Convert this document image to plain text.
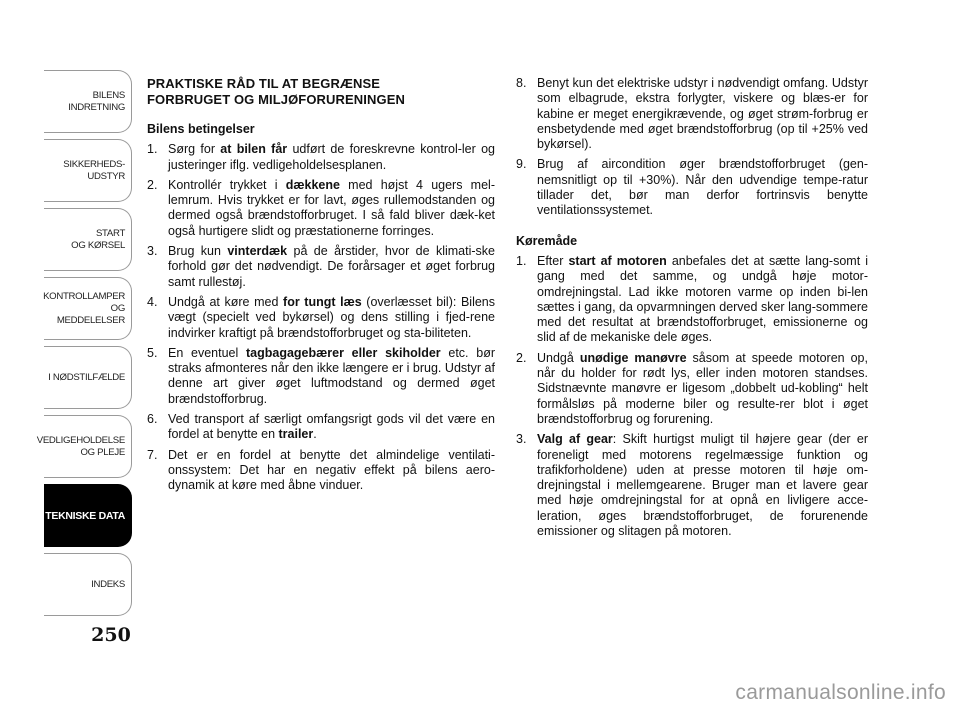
BILENS
INDRETNING
SIKKERHEDS-
UDSTYR
START
OG KØRSEL
KONTROLLAMPER
OG MEDDELELSER
I NØDSTILFÆLDE
VEDLIGEHOLDELSE
OG PLEJE
TEKNISKE DATA
INDEKS
250
PRAKTISKE RÅD TIL AT BEGRÆNSE
FORBRUGET OG MILJØFORURENINGEN
Bilens betingelser
1. Sørg for at bilen får udført de foreskrevne kontrol-ler og justeringer iflg. vedligeholdelsesplanen.
2. Kontrollér trykket i dækkene med højst 4 ugers mel-lemrum. Hvis trykket er for lavt, øges rullemodstanden og dermed også brændstofforbruget. I så fald bliver dæk-ket også hurtigere slidt og præstationerne forringes.
3. Brug kun vinterdæk på de årstider, hvor de klimati-ske forhold gør det nødvendigt. De forårsager et øget forbrug samt rullestøj.
4. Undgå at køre med for tungt læs (overlæsset bil): Bilens vægt (specielt ved bykørsel) og dens stilling i fjed-rene indvirker kraftigt på brændstofforbruget og sta-biliteten.
5. En eventuel tagbagagebærer eller skiholder etc. bør straks afmonteres når den ikke længere er i brug. Udstyr af denne art giver øget luftmodstand og dermed øget brændstofforbrug.
6. Ved transport af særligt omfangsrigt gods vil det være en fordel at benytte en trailer.
7. Det er en fordel at benytte det almindelige ventilati-onssystem: Det har en negativ effekt på bilens aero-dynamik at køre med åbne vinduer.
8. Benyt kun det elektriske udstyr i nødvendigt omfang. Udstyr som elbagrude, ekstra forlygter, viskere og blæs-er for kabine er meget energikrævende, og øget strøm-forbrug er ensbetydende med øget brændstofforbrug (op til +25% ved bykørsel).
9. Brug af aircondition øger brændstofforbruget (gen-nemsnitligt op til +30%). Når den udvendige tempe-ratur tillader det, bør man derfor fortrinsvis benytte ventilationssystemet.
Køremåde
1. Efter start af motoren anbefales det at sætte lang-somt i gang med det samme, og undgå høje motor-omdrejningstal. Lad ikke motoren varme op inden bi-len sættes i gang, da opvarmningen derved sker lang-sommere med det resultat at brændstofforbruget, emissionerne og slid af de mekaniske dele øges.
2. Undgå unødige manøvre såsom at speede motoren op, når du holder for rødt lys, eller inden motoren standses. Sidstnævnte manøvre er ligesom „dobbelt ud-kobling“ helt formålsløs på moderne biler og resulte-rer blot i øget brændstofforbrug og forurening.
3. Valg af gear: Skift hurtigst muligt til højere gear (der er foreneligt med motorens regelmæssige funktion og trafikforholdene) uden at presse motoren til høje om-drejningstal i mellemgearene. Bruger man et lavere gear med høje omdrejningstal for at opnå en livligere acce-leration, øges brændstofforbruget, de forurenende emissioner og slitagen på motoren.
carmanualsonline.info
